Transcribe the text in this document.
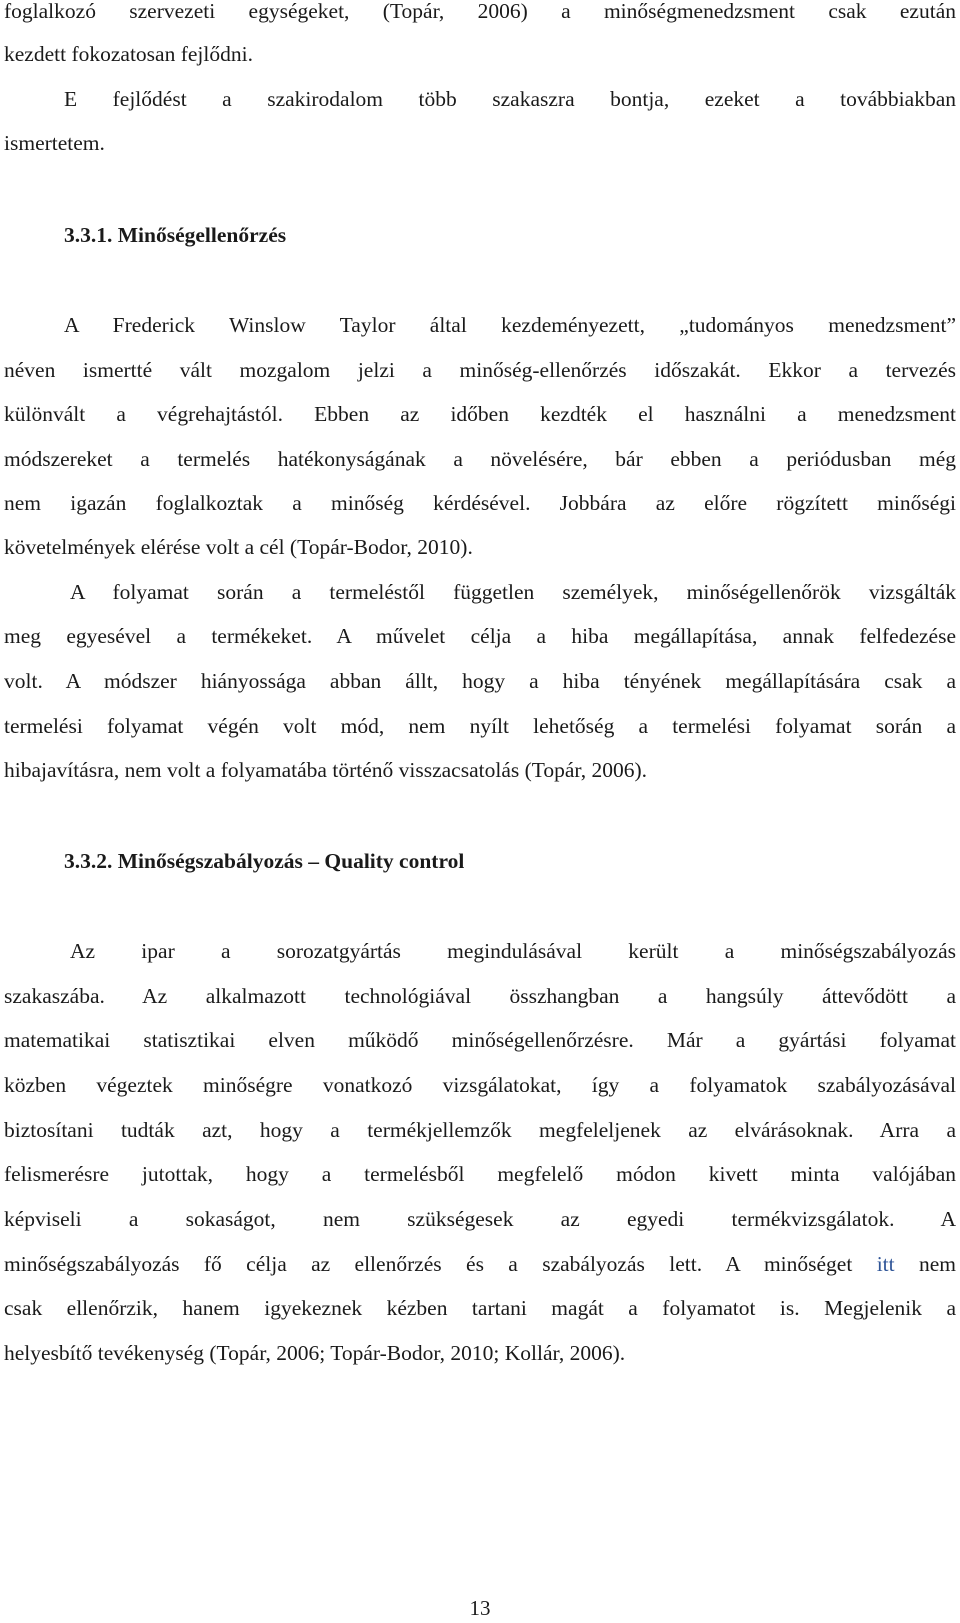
foglalkozó szervezeti egységeket, (Topár, 2006) a minőségmenedzsment csak ezután
kezdett fokozatosan fejlődni.
E fejlődést a szakirodalom több szakaszra bontja, ezeket a továbbiakban
ismertetem.
3.3.1. Minőségellenőrzés
A Frederick Winslow Taylor által kezdeményezett, „tudományos menedzsment”
néven ismertté vált mozgalom jelzi a minőség-ellenőrzés időszakát. Ekkor a tervezés
különvált a végrehajtástól. Ebben az időben kezdték el használni a menedzsment
módszereket a termelés hatékonyságának a növelésére, bár ebben a periódusban még
nem igazán foglalkoztak a minőség kérdésével. Jobbára az előre rögzített minőségi
követelmények elérése volt a cél (Topár-Bodor, 2010).
A folyamat során a termeléstől független személyek, minőségellenőrök vizsgálták
meg egyesével a termékeket. A művelet célja a hiba megállapítása, annak felfedezése
volt. A módszer hiányossága abban állt, hogy a hiba tényének megállapítására csak a
termelési folyamat végén volt mód, nem nyílt lehetőség a termelési folyamat során a
hibajavításra, nem volt a folyamatába történő visszacsatolás (Topár, 2006).
3.3.2. Minőségszabályozás – Quality control
Az ipar a sorozatgyártás megindulásával került a minőségszabályozás
szakaszába. Az alkalmazott technológiával összhangban a hangsúly áttevődött a
matematikai statisztikai elven működő minőségellenőrzésre. Már a gyártási folyamat
közben végeztek minőségre vonatkozó vizsgálatokat, így a folyamatok szabályozásával
biztosítani tudták azt, hogy a termékjellemzők megfeleljenek az elvárásoknak. Arra a
felismerésre jutottak, hogy a termelésből megfelelő módon kivett minta valójában
képviseli a sokaságot, nem szükségesek az egyedi termékvizsgálatok. A
minőségszabályozás fő célja az ellenőrzés és a szabályozás lett. A minőséget itt nem
csak ellenőrzik, hanem igyekeznek kézben tartani magát a folyamatot is. Megjelenik a
helyesbítő tevékenység (Topár, 2006; Topár-Bodor, 2010; Kollár, 2006).
13
